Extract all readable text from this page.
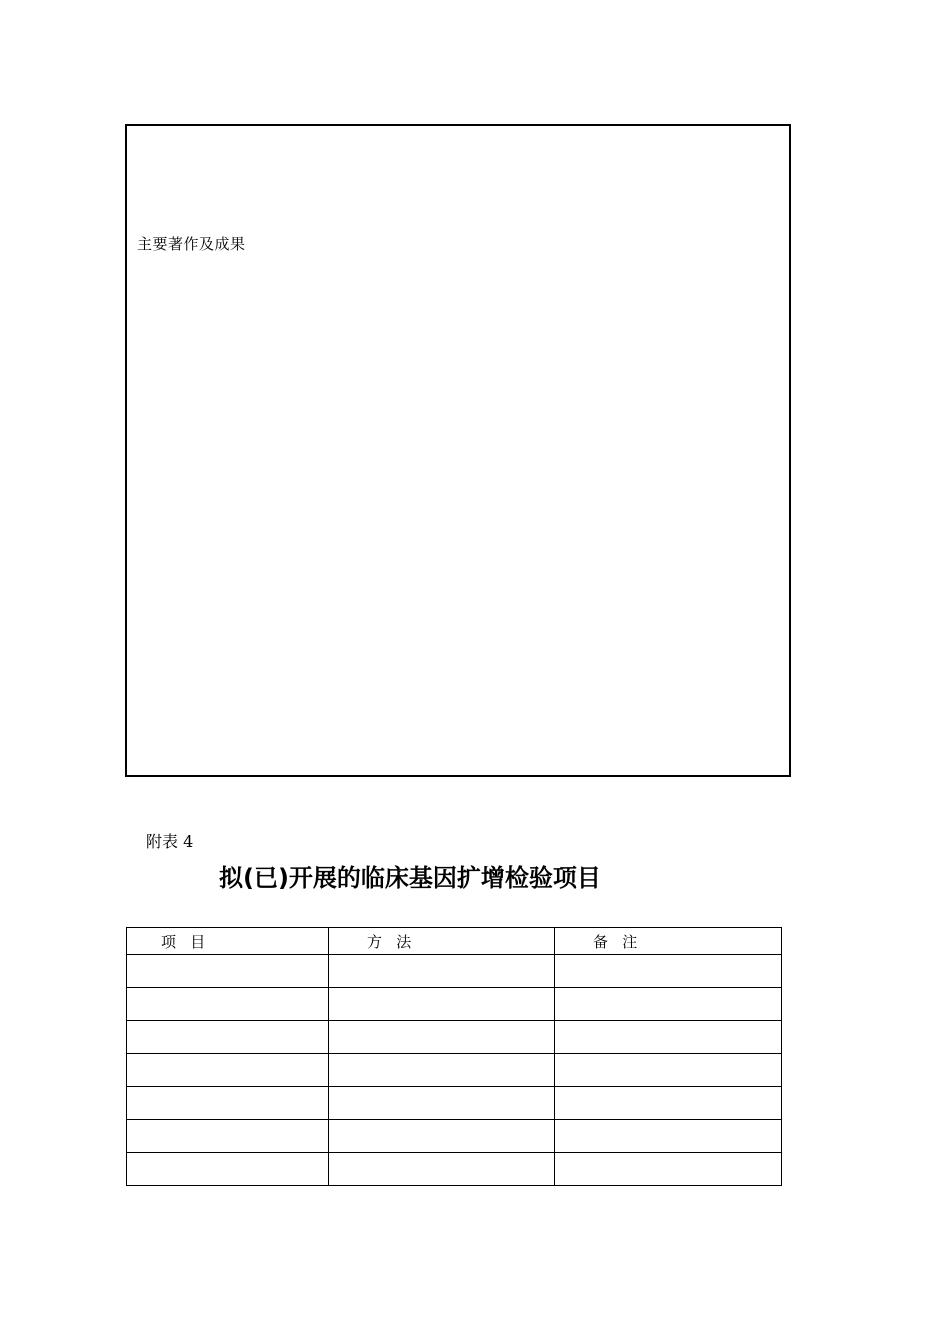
主要著作及成果
附表 4
拟(已)开展的临床基因扩增检验项目
项   目	方   法	备   注
